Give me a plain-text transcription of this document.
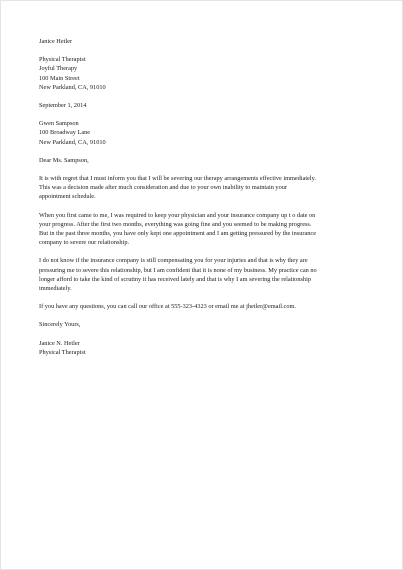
Janice Hetler
Physical Therapist
Joyful Therapy
100 Main Street
New Parkland, CA, 91010
September 1, 2014
Gwen Sampson
100 Broadway Lane
New Parkland, CA, 91010
Dear Ms. Sampson,
It is with regret that I must inform you that I will be severing our therapy arrangements effective immediately.
This was a decision made after much consideration and due to your own inability to maintain your
appointment schedule.
When you first came to me, I was required to keep your physician and your insurance company up t o date on
your progress. After the first two months, everything was going fine and you seemed to be making progress.
But in the past three months, you have only kept one appointment and I am getting pressured by the insurance
company to severe our relationship.
I do not know if the insurance company is still compensating you for your injuries and that is why they are
pressuring me to severe this relationship, but I am confident that it is none of my business. My practice can no
longer afford to take the kind of scrutiny it has received lately and that is why I am severing the relationship
immediately.
If you have any questions, you can call our office at 555-323-4323 or email me at jhetler@email.com.
Sincerely Yours,
Janice N. Hetler
Physical Therapist
